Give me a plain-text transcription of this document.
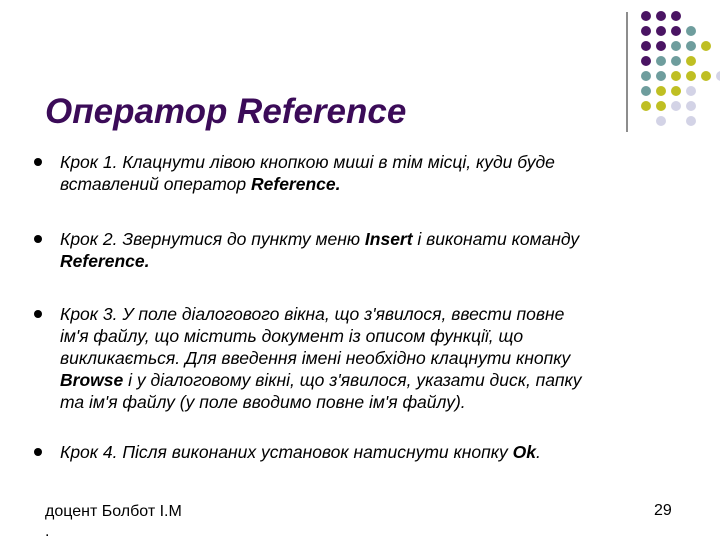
Оператор Reference
Крок 1. Клацнути лівою кнопкою миші в тім місці, куди буде
вставлений оператор Reference.
Крок 2. Звернутися до пункту меню Insert і виконати команду
Reference.
Крок 3. У поле діалогового вікна, що з'явилося, ввести повне
ім'я файлу, що містить документ із описом функції, що
викликається. Для введення імені необхідно клацнути кнопку
Browse і у діалоговому вікні, що з'явилося, указати диск, папку
та ім'я файлу (у поле вводимо повне ім'я файлу).
Крок 4. Після виконаних установок натиснути кнопку Ok.
доцент Болбот І.М
.
29
